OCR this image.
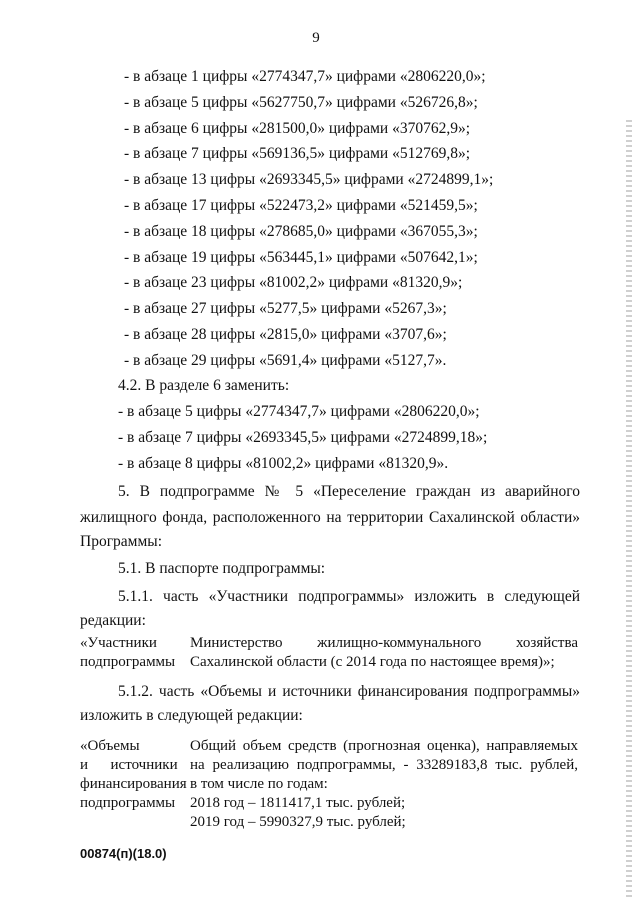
9
- в абзаце 1 цифры «2774347,7» цифрами «2806220,0»;
- в абзаце 5 цифры «5627750,7» цифрами «526726,8»;
- в абзаце 6 цифры «281500,0» цифрами «370762,9»;
- в абзаце 7 цифры «569136,5» цифрами «512769,8»;
- в абзаце 13 цифры «2693345,5» цифрами «2724899,1»;
- в абзаце 17 цифры «522473,2» цифрами «521459,5»;
- в абзаце 18 цифры «278685,0» цифрами «367055,3»;
- в абзаце 19 цифры «563445,1» цифрами «507642,1»;
- в абзаце 23 цифры «81002,2» цифрами «81320,9»;
- в абзаце 27 цифры «5277,5» цифрами «5267,3»;
- в абзаце 28 цифры «2815,0» цифрами «3707,6»;
- в абзаце 29 цифры «5691,4» цифрами «5127,7».
4.2. В разделе 6 заменить:
- в абзаце 5 цифры «2774347,7» цифрами «2806220,0»;
- в абзаце 7 цифры «2693345,5» цифрами «2724899,18»;
- в абзаце 8 цифры «81002,2» цифрами «81320,9».
5. В подпрограмме № 5 «Переселение граждан из аварийного
жилищного фонда, расположенного на территории Сахалинской области»
Программы:
5.1. В паспорте подпрограммы:
5.1.1. часть «Участники подпрограммы» изложить в следующей
редакции:
«Участники
подпрограммы
Министерство жилищно-коммунального хозяйства
Сахалинской области (с 2014 года по настоящее время)»;
5.1.2. часть «Объемы и источники финансирования подпрограммы»
изложить в следующей редакции:
«Объемы
и      источники
финансирования
подпрограммы
Общий объем средств (прогнозная оценка), направляемых
на реализацию подпрограммы, - 33289183,8 тыс. рублей,
в том числе по годам:
2018 год – 1811417,1 тыс. рублей;
2019 год – 5990327,9 тыс. рублей;
00874(п)(18.0)
